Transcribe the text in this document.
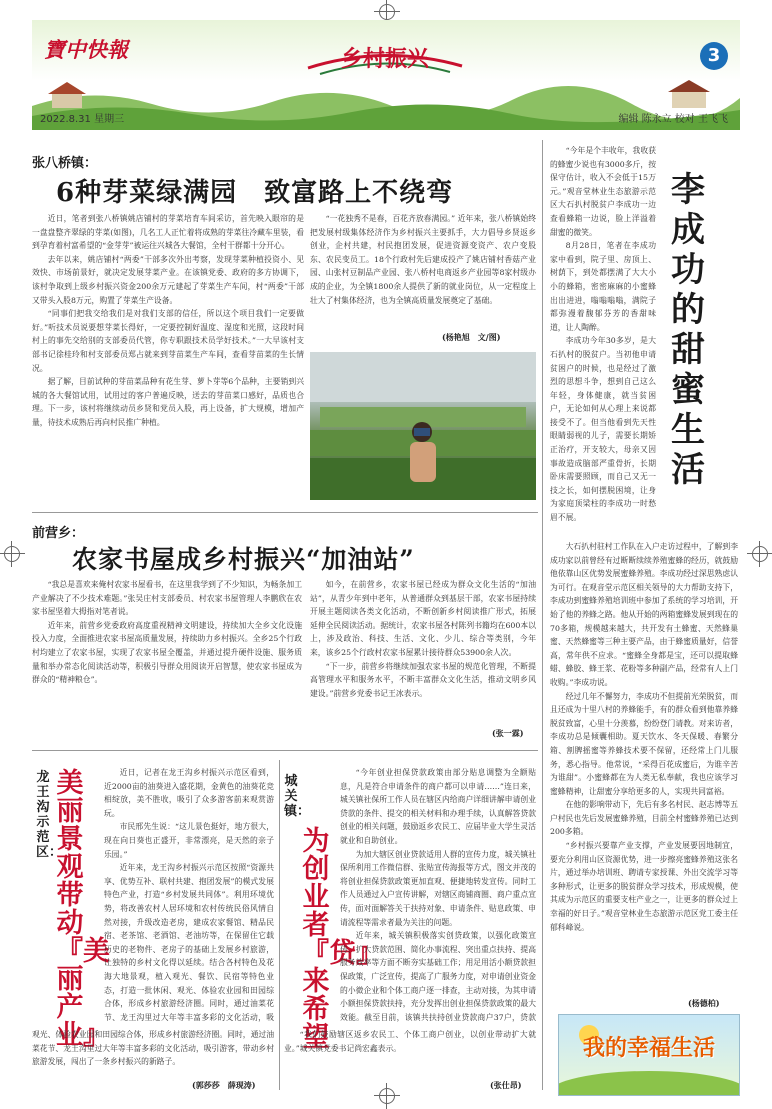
寶中快報	乡村振兴	3
2022.8.31 星期三	编辑 陈永立 校对 王飞飞
张八桥镇：
6种芽菜绿满园　致富路上不绕弯

近日，笔者到张八桥镇姚店铺村的芽菜培育车间采访，首先映入眼帘的是一盘盘整齐翠绿的芽菜(如图)，几名工人正忙着将成熟的芽菜往冷藏车里装，看到孕育着村富希望的“金芽芽”被运往兴城各大餐馆，全村干群都十分开心。

去年以来，姚店铺村“两委”干部多次外出考察，发现芽菜种植投资小、见效快、市场前景好，就决定发展芽菜产业。在该镇党委、政府的多方协调下，该村争取到上级乡村振兴资金200余万元建起了芽菜生产车间，村“两委”干部又带头入股8万元，购置了芽菜生产设备。

“同事们把我交给我们是对我们支部的信任，所以这个项目我们一定要做好。”听技术员说要想芽菜长得好，一定要控制好温度、湿度和光照，这段时间村上的事先交给别的支部委员代管，你专职跟技术员学好技术。”一大早该村支部书记徐桂玲和村支部委员郑占就来到芽苗菜生产车间，查看芽苗菜的生长情况。

据了解，目前试种的芽苗菜品种有花生芽、萝卜芽等6个品种，主要销到兴城的各大餐馆试用，试用过的客户普遍反映，送去的芽苗菜口感好，品质也合理。下一步，该村将继续动员乡贤和党员入股，再上设备，扩大规模，增加产量，待技术成熟后再向村民推广种植。

“一花独秀不是春，百花齐放春满园。” 近年来，张八桥镇始终把发展村级集体经济作为乡村振兴主要抓手，大力倡导乡贤返乡创业，企村共建，村民抱团发展，促进资源变资产、农户变股东、农民变员工。18个行政村先后建成投产了姚店铺村香菇产业园、山张村豆制品产业园、张八桥村电商返乡产业园等8家村级办成的企业，为全镇1800余人提供了新的就业岗位，从一定程度上壮大了村集体经济，也为全镇高质量发展奠定了基础。

(杨艳旭　文/图)
前营乡：
农家书屋成乡村振兴“加油站”

“我总是喜欢来俺村农家书屋看书，在这里我学到了不少知识，为畅条加工产业解决了不少技术难题。”张吴庄村支部委员、村农家书屋管理人李鹏欣在农家书屋坚着大拇指对笔者说。

近年来，前营乡党委政府高度重视精神文明建设，持续加大全乡文化设施投入力度，全面推进农家书屋高质量发展，持续助力乡村振兴。全乡25个行政村均建立了农家书屋，实现了农家书屋全覆盖，并通过提升硬件设施、服务质量和举办常态化阅读活动等，积极引导群众用阅读开启智慧，使农家书屋成为群众的“精神粮仓”。

如今，在前营乡，农家书屋已经成为群众文化生活的“加油站”，从青少年到中老年，从普通群众到基层干部，农家书屋持续开展主题阅读各类文化活动，不断创新乡村阅读推广形式，拓展延伸全民阅读活动。据统计，农家书屋各村陈列书籍均在600本以上，涉及政治、科技、生活、文化、少儿、综合等类别，今年来，该乡25个行政村农家书屋累计接待群众53900余人次。

“下一步，前营乡将继续加强农家书屋的规范化管理，不断提高管理水平和服务水平，不断丰富群众文化生活，推动文明乡风建设。”前营乡党委书记王冰表示。

(张一霖)
龙王沟示范区：
美丽景观带动『美丽产业』

近日，记者在龙王沟乡村振兴示范区看到，近2000亩的油葵进入盛花期，金黄色的油葵花竞相绽放，美不胜收，吸引了众多游客前来观赏游玩。

市民邢先生说：“这儿景色挺好，地方很大，现在向日葵也正盛开，非常漂亮，是天然的亲子乐园。”

近年来，龙王沟乡村振兴示范区按照“资源共享、优势互补、联村共建、抱团发展”的模式发展特色产业，打造“乡村发展共同体”。利用环境优势，将改善农村人居环境和农村传统民俗风情自然对接，升级改造老房，建成农家餐馆、精品民宿、老茶馆、老酒馆、老油坊等，在保留住它载历史的老物件、老房子的基础上发展乡村旅游，让独特的乡村文化得以延续。结合各村特色及花海大地景观，植入观光、餐饮、民宿等特色业态，打造一批休闲、观光、体验农业园和田园综合体，形成乡村旅游经济圈。同时，通过油菜花节、龙王沟里过大年等丰富多彩的文化活动，吸

观光、体验农业园和田园综合体，形成乡村旅游经济圈。同时，通过油菜花节、龙王沟里过大年等丰富多彩的文化活动，吸引游客，带动乡村旅游发展，闯出了一条乡村振兴的新路子。

(郭莎莎　薛现涛)
城关镇：
为创业者『贷』来希望

“今年创业担保贷款政策由部分贴息调整为全额贴息，凡是符合申请条件的商户都可以申请……”连日来，城关镇社保所工作人员在辖区内给商户详细讲解申请创业贷款的条件、提交的相关材料和办理手续，认真解答贷款创业的相关问题，鼓励返乡农民工、应届毕业大学生灵活就业和自助创业。

为加大辖区创业贷款适用人群的宣传力度，城关镇社保所利用工作微信群、张贴宣传海报等方式，图文并茂的将创业担保贷款政策更加直观、便捷地转发宣传。同时工作人员通过入户宣传讲解，对辖区商铺商圈、商户重点宣传，面对面解答关于扶持对象、申请条件、贴息政策、申请流程等需求者最为关注的问题。

近年来，城关镇积极落实创贷政策，以强化政策宣传、扩大贷款范围、简化办事流程、突出重点扶持、提高服务效率等方面不断夯实基础工作；用足用活小额贷款担保政策，广泛宣传，提高了广服务力度，对申请创业资金的小微企业和个体工商户逐一排查，主动对接，为其申请小额担保贷款扶持，充分发挥出创业担保贷款政策的最大效能。截至目前，该镇共扶持创业贷款商户37户，贷款

“我们鼓励辖区返乡农民工、个体工商户创业，以创业带动扩大就业。”城关镇党委书记尚宏鑫表示。

(张仕昂)

“今年是个丰收年，我收获的蜂蜜少说也有3000多斤，按保守估计，收入不会低于15万元。”观音堂林业生态旅游示范区大石扒村脱贫户李成功一边查看蜂箱一边说，脸上洋溢着甜蜜的微笑。

8月28日，笔者在李成功家中看到，院子里、房顶上、树荫下，到处都摆满了大大小小的蜂箱，密密麻麻的小蜜蜂出出进进，嗡嗡嗡嗡，满院子都弥漫着馥郁芬芳的香甜味道，让人陶醉。

李成功今年30多岁，是大石扒村的脱贫户。当初他申请贫困户的时候，也是经过了激烈的思想斗争，想到自己这么年轻，身体健康，就当贫困户，无论如何从心理上来说都接受不了。但当他看到先天性眼睛弱视的儿子，需要长期矫正治疗，开支较大，母亲又因事故造成脑部严重骨折，长期卧床需要照顾，而自己又无一技之长，如何摆脱困境，让身为家庭顶梁柱的李成功一时愁眉不展。

李成功的甜蜜生活

大石扒村驻村工作队在入户走访过程中，了解到李成功家以前曾经有过断断续续养殖蜜蜂的经历，就鼓励他依靠山区优势发展蜜蜂养殖。李成功经过深思熟虑认为可行。在观音堂示范区相关领导的大力帮助支持下，李成功到蜜蜂养殖培训班中参加了系统的学习培训，开始了他的养蜂之路。他从开始的两箱蜜蜂发展到现在的70多箱，规模越来越大，共开发有土蜂蜜、天然蜂巢蜜、天然蜂蜜等三种主要产品，由于蜂蜜质量好，信誉高，常年供不应求。“蜜蜂全身都是宝，还可以提取蜂蜡、蜂胶、蜂王浆、花粉等多种副产品，经常有人上门收购。”李成功说。

经过几年不懈努力，李成功不但提前光荣脱贫，而且还成为十里八村的养蜂能手，有的群众看到他靠养蜂脱贫致富，心里十分羡慕，纷纷登门请教。对来访者，李成功总是倾囊相助。夏天饮水、冬天保暖、春繁分箱、割脾摇蜜等养蜂技术要不保留，还经常上门儿服务，悉心指导。他常说，“采得百花成蜜后，为谁辛苦为谁甜”。小蜜蜂都在为人类无私奉献，我也应该学习蜜蜂精神，让甜蜜分享给更多的人，实现共同富裕。

在他的影响带动下，先后有多名村民、赵志博等五户村民也先后发展蜜蜂养殖，目前全村蜜蜂养殖已达到200多箱。

“乡村振兴要靠产业支撑，产业发展要因地制宜，要充分利用山区资源优势，进一步擦亮蜜蜂养殖这张名片，通过举办培训班、聘请专家授课、外出交流学习等多种形式，让更多的脱贫群众学习技术，形成规模，使其成为示范区的重要支柱产业之一，让更多的群众过上幸福的好日子。”观音堂林业生态旅游示范区党工委主任郁科峰说。

(杨德柏)
我的幸福生活
